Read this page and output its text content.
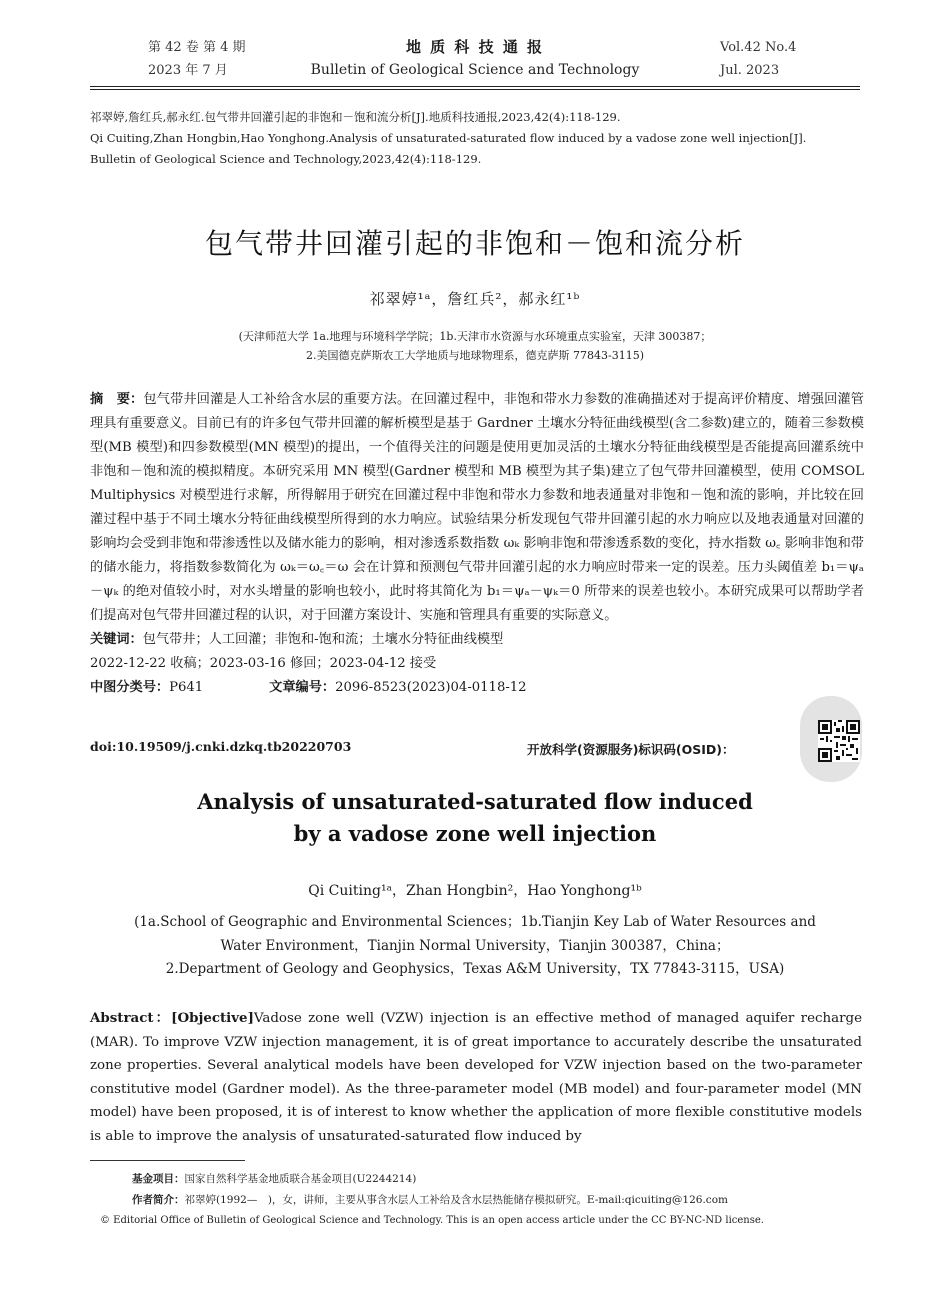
第 42 卷 第 4 期
2023 年 7 月
地 质 科 技 通 报
Bulletin of Geological Science and Technology
Vol.42 No.4
Jul. 2023
祁翠婷,詹红兵,郝永红.包气带井回灌引起的非饱和－饱和流分析[J].地质科技通报,2023,42(4):118-129.
Qi Cuiting,Zhan Hongbin,Hao Yonghong.Analysis of unsaturated-saturated flow induced by a vadose zone well injection[J].
Bulletin of Geological Science and Technology,2023,42(4):118-129.
包气带井回灌引起的非饱和－饱和流分析
祁翠婷¹ᵃ，詹红兵²，郝永红¹ᵇ
(天津师范大学 1a.地理与环境科学学院；1b.天津市水资源与水环境重点实验室，天津 300387；
2.美国德克萨斯农工大学地质与地球物理系，德克萨斯 77843-3115)

摘　要：包气带井回灌是人工补给含水层的重要方法。在回灌过程中，非饱和带水力参数的准确描述对于提高评价精度、增强回灌管理具有重要意义。目前已有的许多包气带井回灌的解析模型是基于 Gardner 土壤水分特征曲线模型(含二参数)建立的，随着三参数模型(MB 模型)和四参数模型(MN 模型)的提出，一个值得关注的问题是使用更加灵活的土壤水分特征曲线模型是否能提高回灌系统中非饱和－饱和流的模拟精度。本研究采用 MN 模型(Gardner 模型和 MB 模型为其子集)建立了包气带井回灌模型，使用 COMSOL Multiphysics 对模型进行求解，所得解用于研究在回灌过程中非饱和带水力参数和地表通量对非饱和－饱和流的影响，并比较在回灌过程中基于不同土壤水分特征曲线模型所得到的水力响应。试验结果分析发现包气带井回灌引起的水力响应以及地表通量对回灌的影响均会受到非饱和带渗透性以及储水能力的影响，相对渗透系数指数 ωₖ 影响非饱和带渗透系数的变化，持水指数 ω꜀ 影响非饱和带的储水能力，将指数参数简化为 ωₖ＝ω꜀＝ω 会在计算和预测包气带井回灌引起的水力响应时带来一定的误差。压力头阈值差 b₁＝ψₐ－ψₖ 的绝对值较小时，对水头增量的影响也较小，此时将其简化为 b₁＝ψₐ－ψₖ＝0 所带来的误差也较小。本研究成果可以帮助学者们提高对包气带井回灌过程的认识，对于回灌方案设计、实施和管理具有重要的实际意义。

关键词：包气带井；人工回灌；非饱和-饱和流；土壤水分特征曲线模型

2022-12-22 收稿；2023-03-16 修回；2023-04-12 接受

中图分类号：P641	文章编号：2096-8523(2023)04-0118-12

doi:10.19509/j.cnki.dzkq.tb20220703	开放科学(资源服务)标识码(OSID)：
Analysis of unsaturated-saturated flow induced
by a vadose zone well injection
Qi Cuiting¹ᵃ，Zhan Hongbin²，Hao Yonghong¹ᵇ
(1a.School of Geographic and Environmental Sciences；1b.Tianjin Key Lab of Water Resources and
Water Environment，Tianjin Normal University，Tianjin 300387，China；
2.Department of Geology and Geophysics，Texas A&M University，TX 77843-3115，USA)
Abstract：[Objective]Vadose zone well (VZW) injection is an effective method of managed aquifer recharge (MAR). To improve VZW injection management, it is of great importance to accurately describe the unsaturated zone properties. Several analytical models have been developed for VZW injection based on the two-parameter constitutive model (Gardner model). As the three-parameter model (MB model) and four-parameter model (MN model) have been proposed, it is of interest to know whether the application of more flexible constitutive models is able to improve the analysis of unsaturated-saturated flow induced by
基金项目：国家自然科学基金地质联合基金项目(U2244214)
作者简介：祁翠婷(1992—　)，女，讲师，主要从事含水层人工补给及含水层热能储存模拟研究。E-mail:qicuiting@126.com
© Editorial Office of Bulletin of Geological Science and Technology. This is an open access article under the CC BY-NC-ND license.
